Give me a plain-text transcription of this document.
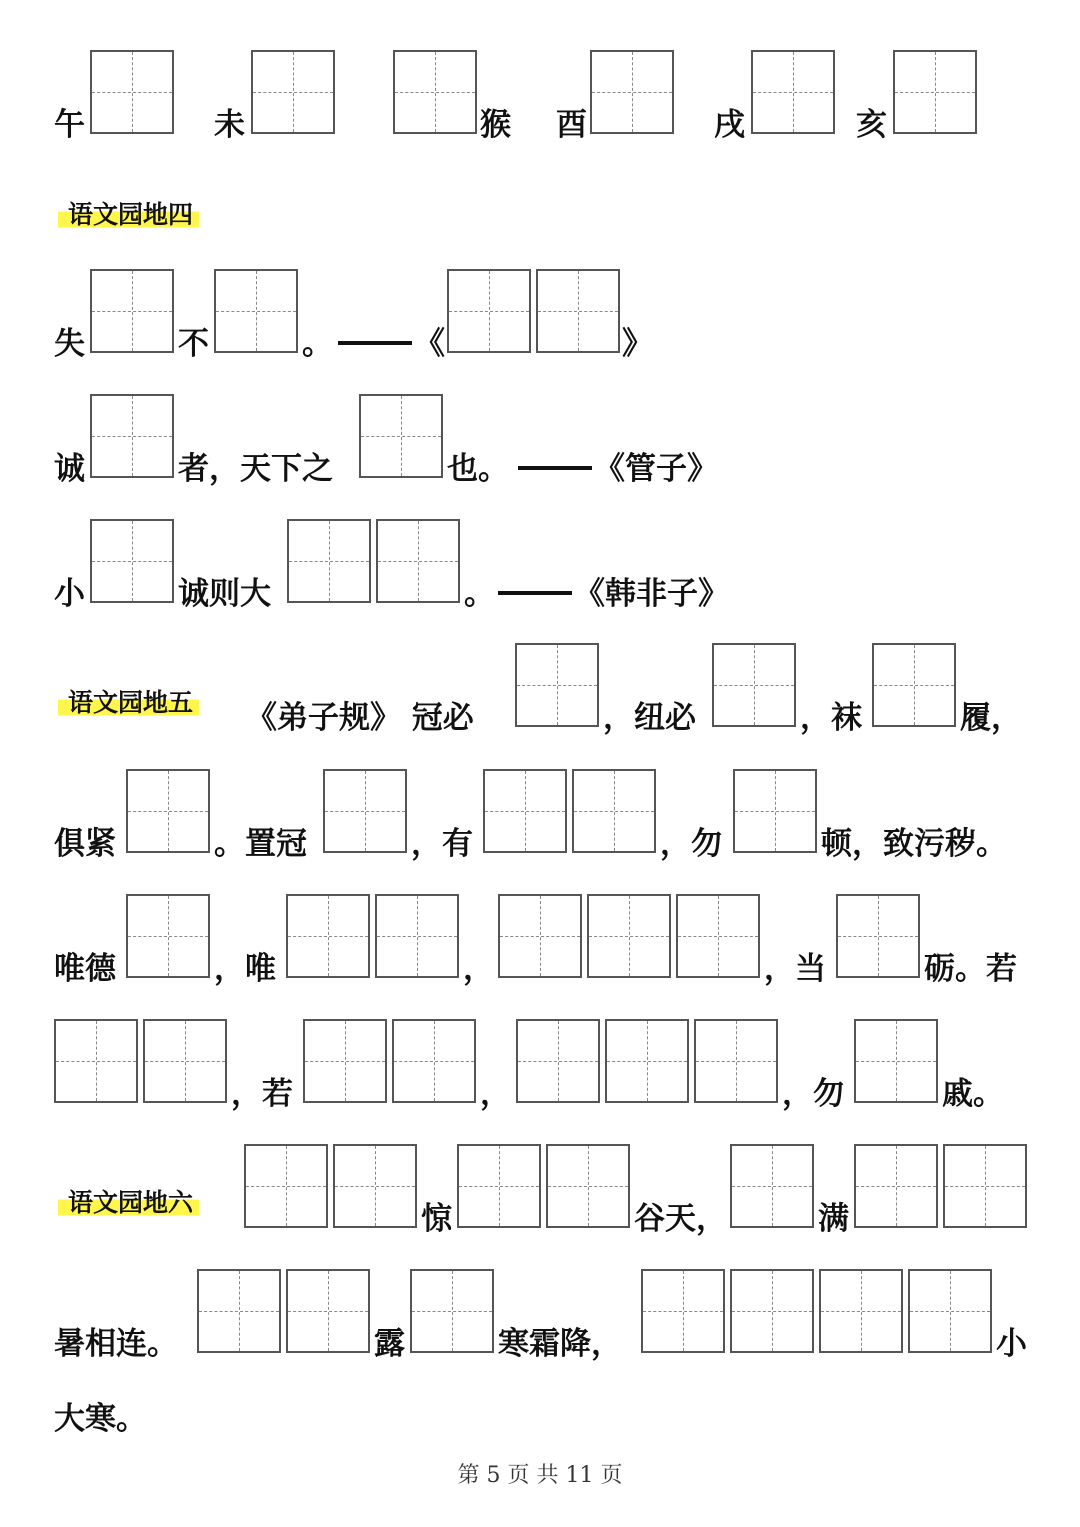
午	未	猴 酉	戌	亥
语文园地四
失	不	。	《	》
诚	者，天下之	也。	《管子》
小	诚则大	。	《韩非子》
语文园地五 《弟子规》 冠必	，纽必	，袜	履，
俱紧	。置冠	，有	，勿	顿，致污秽。
唯德	，唯	，	，当	砺。若
，若	，	，勿	戚。
语文园地六	惊	谷天，	满
暑相连。	露	寒霜降，	小
大寒。
第 5 页 共 11 页
